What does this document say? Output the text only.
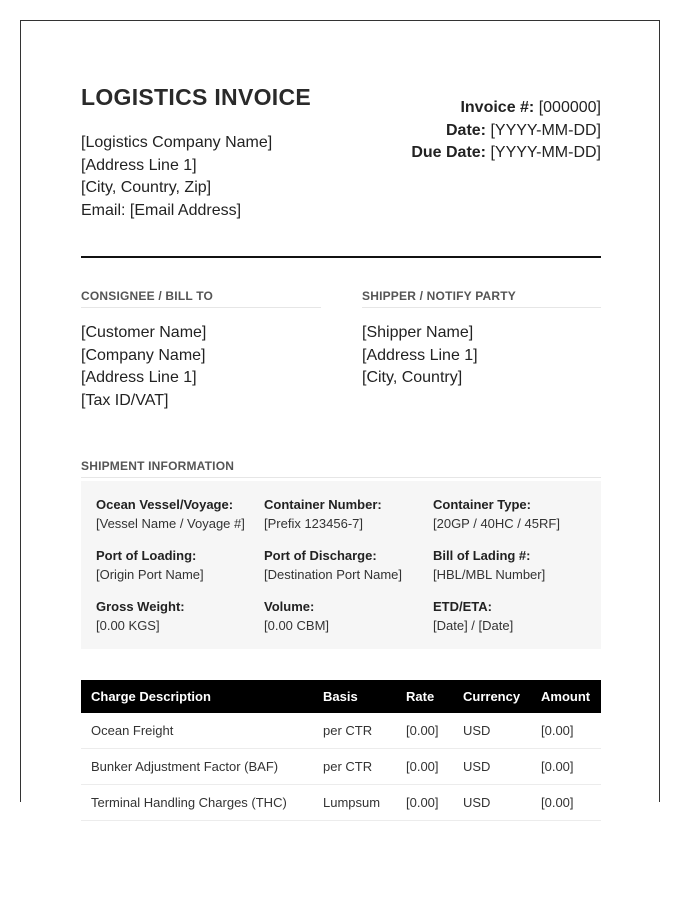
LOGISTICS INVOICE
[Logistics Company Name]
[Address Line 1]
[City, Country, Zip]
Email: [Email Address]
Invoice #: [000000]
Date: [YYYY-MM-DD]
Due Date: [YYYY-MM-DD]
CONSIGNEE / BILL TO
[Customer Name]
[Company Name]
[Address Line 1]
[Tax ID/VAT]
SHIPPER / NOTIFY PARTY
[Shipper Name]
[Address Line 1]
[City, Country]
SHIPMENT INFORMATION
Ocean Vessel/Voyage:
[Vessel Name / Voyage #]
Container Number:
[Prefix 123456-7]
Container Type:
[20GP / 40HC / 45RF]
Port of Loading:
[Origin Port Name]
Port of Discharge:
[Destination Port Name]
Bill of Lading #:
[HBL/MBL Number]
Gross Weight:
[0.00 KGS]
Volume:
[0.00 CBM]
ETD/ETA:
[Date] / [Date]
Charge Description	Basis	Rate	Currency	Amount
Ocean Freight	per CTR	[0.00]	USD	[0.00]
Bunker Adjustment Factor (BAF)	per CTR	[0.00]	USD	[0.00]
Terminal Handling Charges (THC)	Lumpsum	[0.00]	USD	[0.00]
